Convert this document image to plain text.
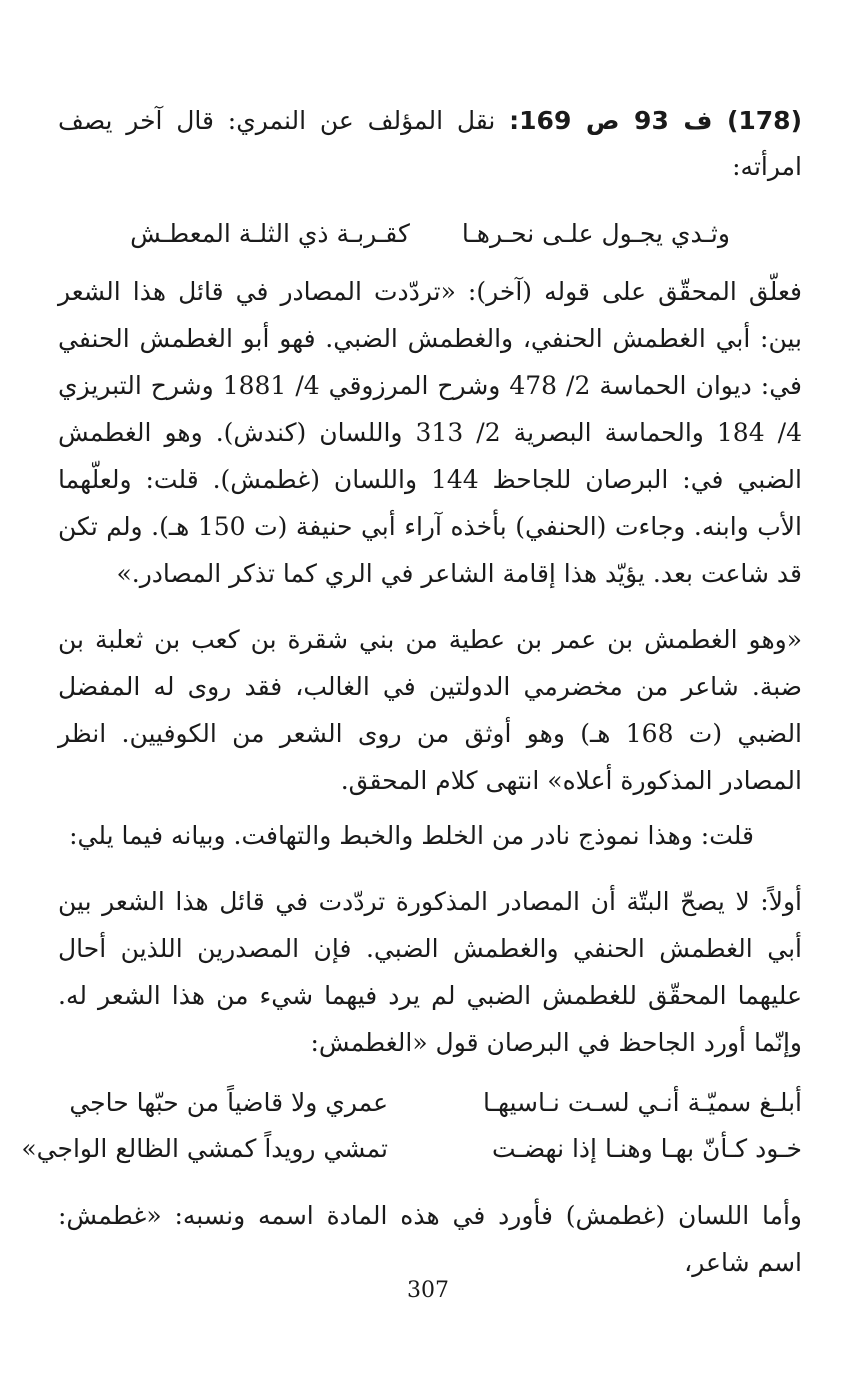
(178) ف 93 ص 169: نقل المؤلف عن النمري: قال آخر يصف امرأته:

وثـدي يجـول علـى نحـرهـا
كقـربـة ذي الثلـة المعطـش

فعلّق المحقّق على قوله (آخر): «تردّدت المصادر في قائل هذا الشعر بين: أبي الغطمش الحنفي، والغطمش الضبي. فهو أبو الغطمش الحنفي في: ديوان الحماسة 2/ 478 وشرح المرزوقي 4/ 1881 وشرح التبريزي 4/ 184 والحماسة البصرية 2/ 313 واللسان (كندش). وهو الغطمش الضبي في: البرصان للجاحظ 144 واللسان (غطمش). قلت: ولعلّهما الأب وابنه. وجاءت (الحنفي) بأخذه آراء أبي حنيفة (ت 150 هـ). ولم تكن قد شاعت بعد. يؤيّد هذا إقامة الشاعر في الري كما تذكر المصادر.»

«وهو الغطمش بن عمر بن عطية من بني شقرة بن كعب بن ثعلبة بن ضبة. شاعر من مخضرمي الدولتين في الغالب، فقد روى له المفضل الضبي (ت 168 هـ) وهو أوثق من روى الشعر من الكوفيين. انظر المصادر المذكورة أعلاه» انتهى كلام المحقق.

قلت: وهذا نموذج نادر من الخلط والخبط والتهافت. وبيانه فيما يلي:

أولاً: لا يصحّ البتّة أن المصادر المذكورة تردّدت في قائل هذا الشعر بين أبي الغطمش الحنفي والغطمش الضبي. فإن المصدرين اللذين أحال عليهما المحقّق للغطمش الضبي لم يرد فيهما شيء من هذا الشعر له. وإنّما أورد الجاحظ في البرصان قول «الغطمش:

أبلـغ سميّـة أنـي لسـت نـاسيهـا
عمري ولا قاضياً من حبّها حاجي
خـود كـأنّ بهـا وهنـا إذا نهضـت
تمشي رويداً كمشي الظالع الواجي»

وأما اللسان (غطمش) فأورد في هذه المادة اسمه ونسبه: «غطمش: اسم شاعر،

307
